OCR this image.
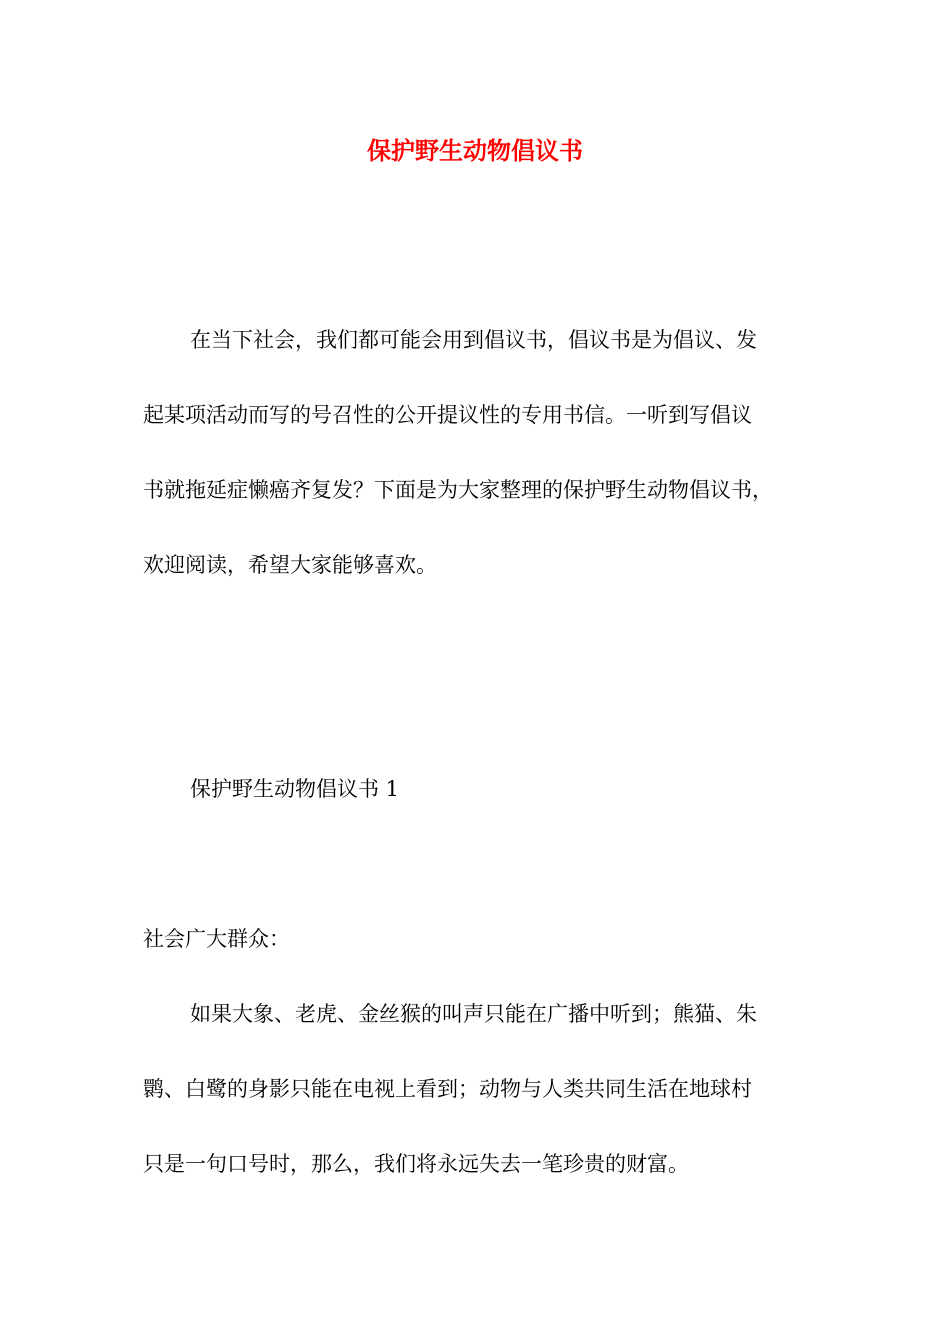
保护野生动物倡议书
在当下社会，我们都可能会用到倡议书，倡议书是为倡议、发
起某项活动而写的号召性的公开提议性的专用书信。一听到写倡议
书就拖延症懒癌齐复发？下面是为大家整理的保护野生动物倡议书，
欢迎阅读，希望大家能够喜欢。
保护野生动物倡议书 1
社会广大群众：
如果大象、老虎、金丝猴的叫声只能在广播中听到；熊猫、朱
鹮、白鹭的身影只能在电视上看到；动物与人类共同生活在地球村
只是一句口号时，那么，我们将永远失去一笔珍贵的财富。
